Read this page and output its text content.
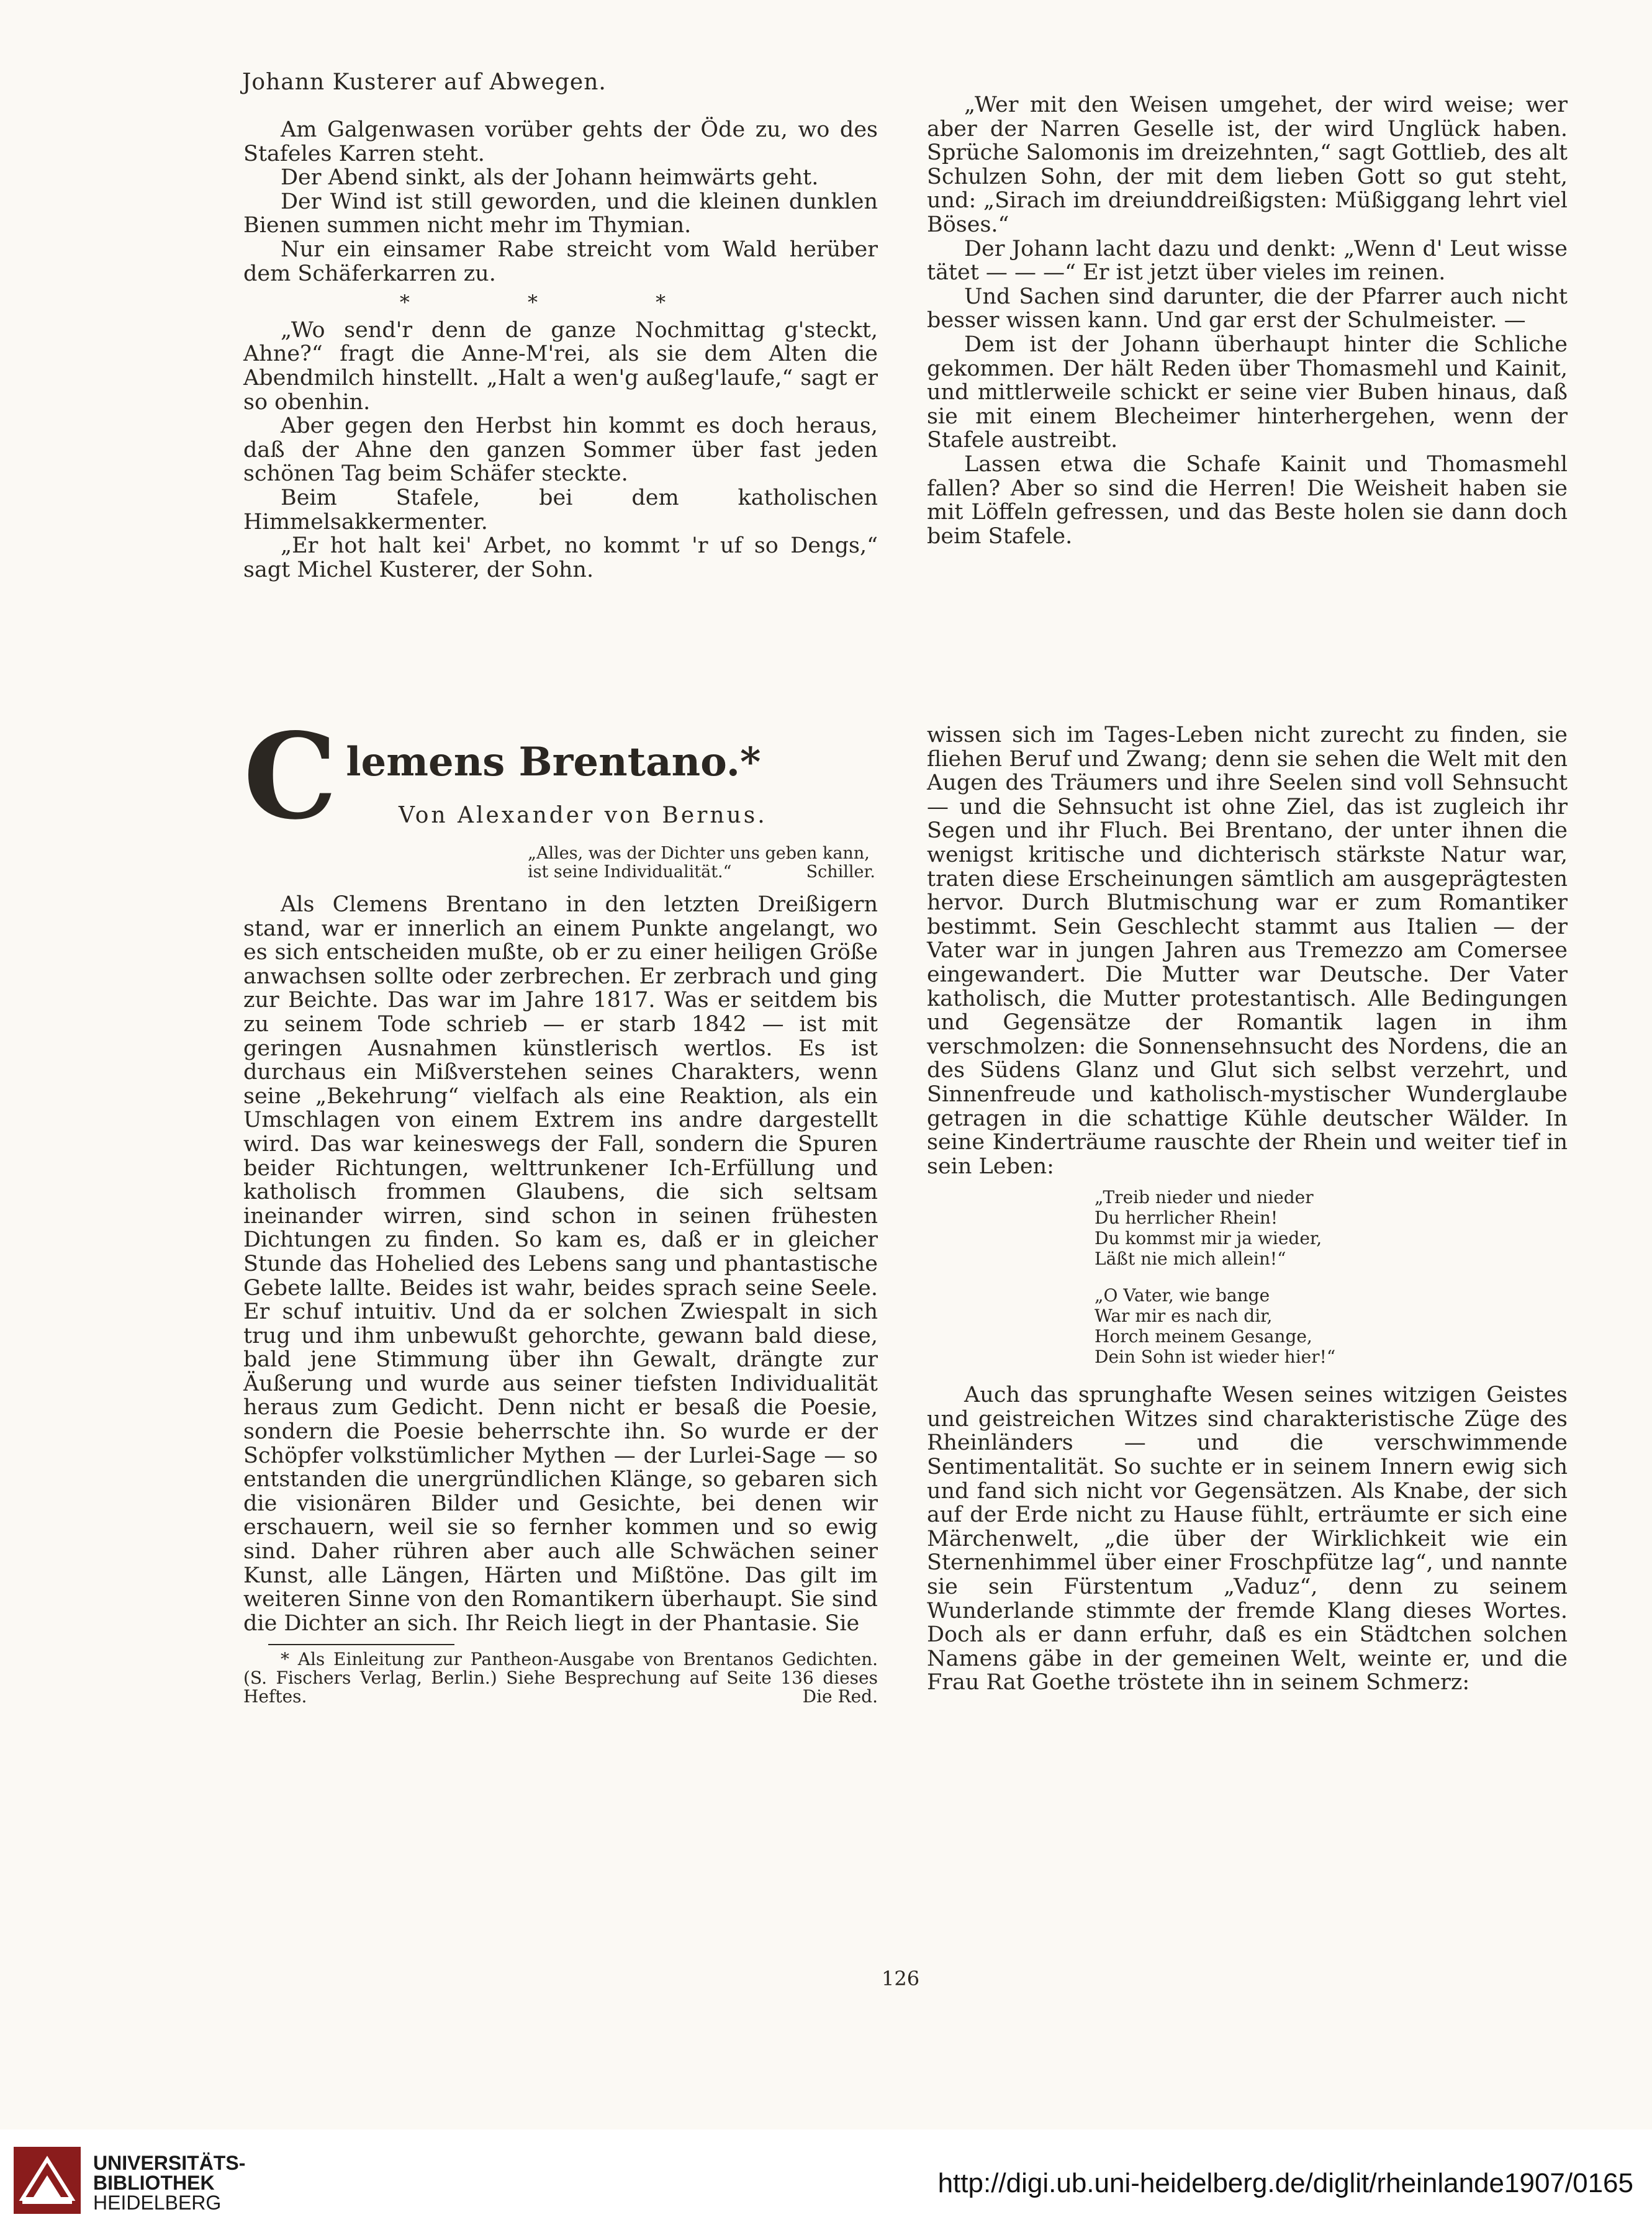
Johann Kusterer auf Abwegen.

Am Galgenwasen vorüber gehts der Öde zu, wo des Stafeles Karren steht.

Der Abend sinkt, als der Johann heimwärts geht.

Der Wind ist still geworden, und die kleinen dunklen Bienen summen nicht mehr im Thymian.

Nur ein einsamer Rabe streicht vom Wald herüber dem Schäferkarren zu.

* * *

„Wo send'r denn de ganze Nochmittag g'steckt, Ahne?“ fragt die Anne-M'rei, als sie dem Alten die Abendmilch hinstellt. „Halt a wen'g außeg'laufe,“ sagt er so obenhin.

Aber gegen den Herbst hin kommt es doch heraus, daß der Ahne den ganzen Sommer über fast jeden schönen Tag beim Schäfer steckte.

Beim Stafele, bei dem katholischen Himmelsakkermenter.

„Er hot halt kei' Arbet, no kommt 'r uf so Dengs,“ sagt Michel Kusterer, der Sohn.

„Wer mit den Weisen umgehet, der wird weise; wer aber der Narren Geselle ist, der wird Unglück haben. Sprüche Salomonis im dreizehnten,“ sagt Gottlieb, des alt Schulzen Sohn, der mit dem lieben Gott so gut steht, und: „Sirach im dreiunddreißigsten: Müßiggang lehrt viel Böses.“

Der Johann lacht dazu und denkt: „Wenn d' Leut wisse tätet — — —“ Er ist jetzt über vieles im reinen.

Und Sachen sind darunter, die der Pfarrer auch nicht besser wissen kann. Und gar erst der Schulmeister. —

Dem ist der Johann überhaupt hinter die Schliche gekommen. Der hält Reden über Thomasmehl und Kainit, und mittlerweile schickt er seine vier Buben hinaus, daß sie mit einem Blecheimer hinterhergehen, wenn der Stafele austreibt.

Lassen etwa die Schafe Kainit und Thomasmehl fallen? Aber so sind die Herren! Die Weisheit haben sie mit Löffeln gefressen, und das Beste holen sie dann doch beim Stafele.

C lemens Brentano.*
Von Alexander von Bernus.
„Alles, was der Dichter uns geben kann, ist seine Individualität.“	Schiller.

Als Clemens Brentano in den letzten Dreißigern stand, war er innerlich an einem Punkte angelangt, wo es sich entscheiden mußte, ob er zu einer heiligen Größe anwachsen sollte oder zerbrechen. Er zerbrach und ging zur Beichte. Das war im Jahre 1817. Was er seitdem bis zu seinem Tode schrieb — er starb 1842 — ist mit geringen Ausnahmen künstlerisch wertlos. Es ist durchaus ein Mißverstehen seines Charakters, wenn seine „Bekehrung“ vielfach als eine Reaktion, als ein Umschlagen von einem Extrem ins andre dargestellt wird. Das war keineswegs der Fall, sondern die Spuren beider Richtungen, welttrunkener Ich-Erfüllung und katholisch frommen Glaubens, die sich seltsam ineinander wirren, sind schon in seinen frühesten Dichtungen zu finden. So kam es, daß er in gleicher Stunde das Hohelied des Lebens sang und phantastische Gebete lallte. Beides ist wahr, beides sprach seine Seele. Er schuf intuitiv. Und da er solchen Zwiespalt in sich trug und ihm unbewußt gehorchte, gewann bald diese, bald jene Stimmung über ihn Gewalt, drängte zur Äußerung und wurde aus seiner tiefsten Individualität heraus zum Gedicht. Denn nicht er besaß die Poesie, sondern die Poesie beherrschte ihn. So wurde er der Schöpfer volkstümlicher Mythen — der Lurlei-Sage — so entstanden die unergründlichen Klänge, so gebaren sich die visionären Bilder und Gesichte, bei denen wir erschauern, weil sie so fernher kommen und so ewig sind. Daher rühren aber auch alle Schwächen seiner Kunst, alle Längen, Härten und Mißtöne. Das gilt im weiteren Sinne von den Romantikern überhaupt. Sie sind die Dichter an sich. Ihr Reich liegt in der Phantasie. Sie

* Als Einleitung zur Pantheon-Ausgabe von Brentanos Gedichten. (S. Fischers Verlag, Berlin.) Siehe Besprechung auf Seite 136 dieses Heftes.	Die Red.

wissen sich im Tages-Leben nicht zurecht zu finden, sie fliehen Beruf und Zwang; denn sie sehen die Welt mit den Augen des Träumers und ihre Seelen sind voll Sehnsucht — und die Sehnsucht ist ohne Ziel, das ist zugleich ihr Segen und ihr Fluch. Bei Brentano, der unter ihnen die wenigst kritische und dichterisch stärkste Natur war, traten diese Erscheinungen sämtlich am ausgeprägtesten hervor. Durch Blutmischung war er zum Romantiker bestimmt. Sein Geschlecht stammt aus Italien — der Vater war in jungen Jahren aus Tremezzo am Comersee eingewandert. Die Mutter war Deutsche. Der Vater katholisch, die Mutter protestantisch. Alle Bedingungen und Gegensätze der Romantik lagen in ihm verschmolzen: die Sonnensehnsucht des Nordens, die an des Südens Glanz und Glut sich selbst verzehrt, und Sinnenfreude und katholisch-mystischer Wunderglaube getragen in die schattige Kühle deutscher Wälder. In seine Kinderträume rauschte der Rhein und weiter tief in sein Leben:

„Treib nieder und nieder
Du herrlicher Rhein!
Du kommst mir ja wieder,
Läßt nie mich allein!“
„O Vater, wie bange
War mir es nach dir,
Horch meinem Gesange,
Dein Sohn ist wieder hier!“

Auch das sprunghafte Wesen seines witzigen Geistes und geistreichen Witzes sind charakteristische Züge des Rheinländers — und die verschwimmende Sentimentalität. So suchte er in seinem Innern ewig sich und fand sich nicht vor Gegensätzen. Als Knabe, der sich auf der Erde nicht zu Hause fühlt, erträumte er sich eine Märchenwelt, „die über der Wirklichkeit wie ein Sternenhimmel über einer Froschpfütze lag“, und nannte sie sein Fürstentum „Vaduz“, denn zu seinem Wunderlande stimmte der fremde Klang dieses Wortes. Doch als er dann erfuhr, daß es ein Städtchen solchen Namens gäbe in der gemeinen Welt, weinte er, und die Frau Rat Goethe tröstete ihn in seinem Schmerz:

126
UNIVERSITÄTS-
BIBLIOTHEK
HEIDELBERG
http://digi.ub.uni-heidelberg.de/diglit/rheinlande1907/0165
